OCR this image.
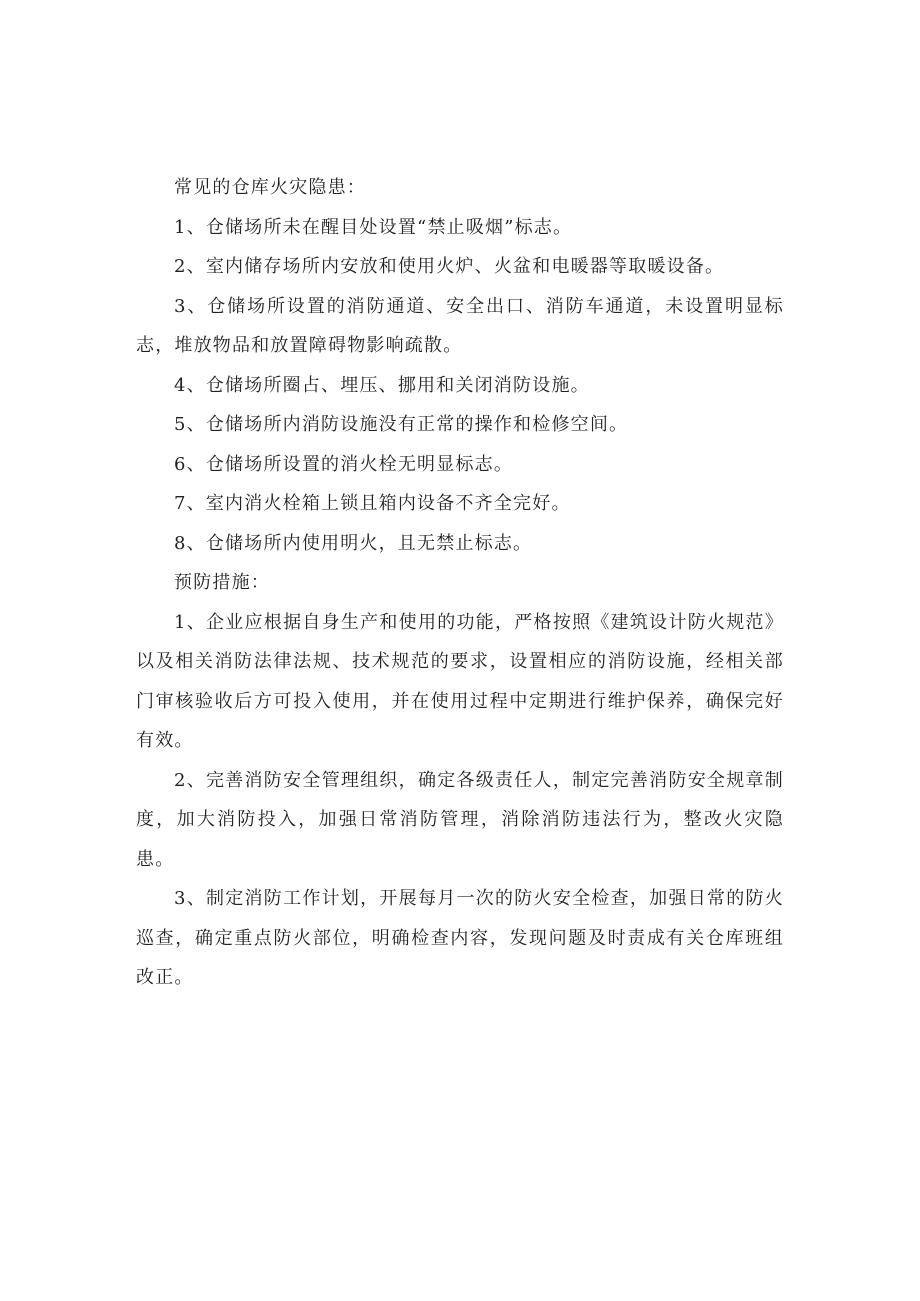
常见的仓库火灾隐患：

1、仓储场所未在醒目处设置“禁止吸烟”标志。

2、室内储存场所内安放和使用火炉、火盆和电暖器等取暖设备。

3、仓储场所设置的消防通道、安全出口、消防车通道，未设置明显标志，堆放物品和放置障碍物影响疏散。

4、仓储场所圈占、埋压、挪用和关闭消防设施。

5、仓储场所内消防设施没有正常的操作和检修空间。

6、仓储场所设置的消火栓无明显标志。

7、室内消火栓箱上锁且箱内设备不齐全完好。

8、仓储场所内使用明火，且无禁止标志。

预防措施：

1、企业应根据自身生产和使用的功能，严格按照《建筑设计防火规范》以及相关消防法律法规、技术规范的要求，设置相应的消防设施，经相关部门审核验收后方可投入使用，并在使用过程中定期进行维护保养，确保完好有效。

2、完善消防安全管理组织，确定各级责任人，制定完善消防安全规章制度，加大消防投入，加强日常消防管理，消除消防违法行为，整改火灾隐患。

3、制定消防工作计划，开展每月一次的防火安全检查，加强日常的防火巡查，确定重点防火部位，明确检查内容，发现问题及时责成有关仓库班组改正。
